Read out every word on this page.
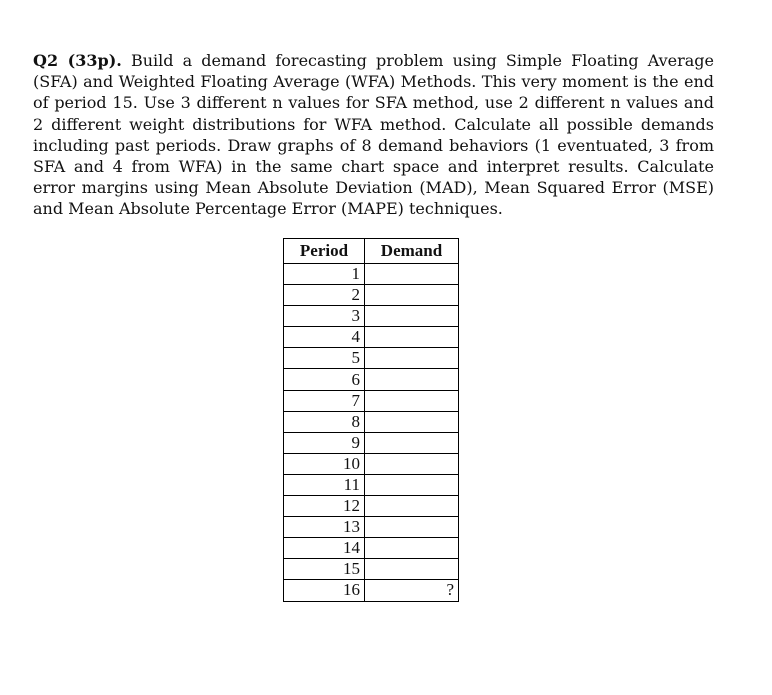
Q2 (33p). Build a demand forecasting problem using Simple Floating Average (SFA) and Weighted Floating Average (WFA) Methods. This very moment is the end of period 15. Use 3 different n values for SFA method, use 2 different n values and 2 different weight distributions for WFA method. Calculate all possible demands including past periods. Draw graphs of 8 demand behaviors (1 eventuated, 3 from SFA and 4 from WFA) in the same chart space and interpret results. Calculate error margins using Mean Absolute Deviation (MAD), Mean Squared Error (MSE) and Mean Absolute Percentage Error (MAPE) techniques.

Period	Demand
1	
2	
3	
4	
5	
6	
7	
8	
9	
10	
11	
12	
13	
14	
15	
16	?
